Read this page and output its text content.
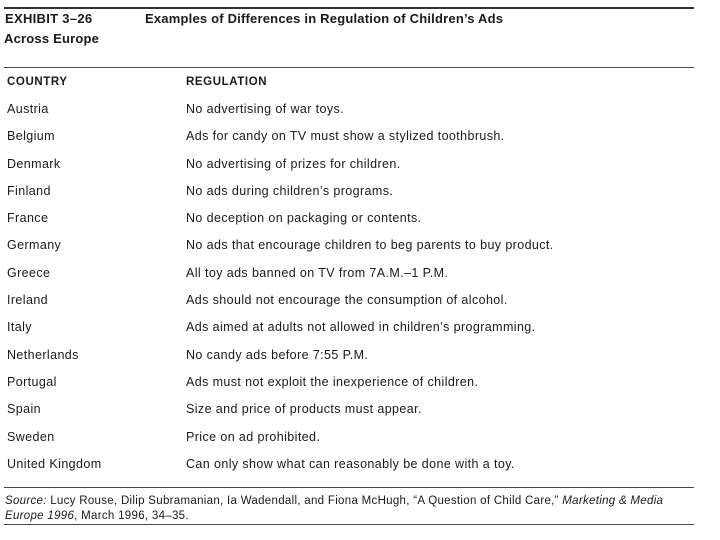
EXHIBIT 3–26	Examples of Differences in Regulation of Children’s Ads
Across Europe
COUNTRY	REGULATION
Austria	No advertising of war toys.
Belgium	Ads for candy on TV must show a stylized toothbrush.
Denmark	No advertising of prizes for children.
Finland	No ads during children’s programs.
France	No deception on packaging or contents.
Germany	No ads that encourage children to beg parents to buy product.
Greece	All toy ads banned on TV from 7A.M.–1 P.M.
Ireland	Ads should not encourage the consumption of alcohol.
Italy	Ads aimed at adults not allowed in children’s programming.
Netherlands	No candy ads before 7:55 P.M.
Portugal	Ads must not exploit the inexperience of children.
Spain	Size and price of products must appear.
Sweden	Price on ad prohibited.
United Kingdom	Can only show what can reasonably be done with a toy.
Source: Lucy Rouse, Dilip Subramanian, Ia Wadendall, and Fiona McHugh, “A Question of Child Care,” Marketing & Media Europe 1996, March 1996, 34–35.
